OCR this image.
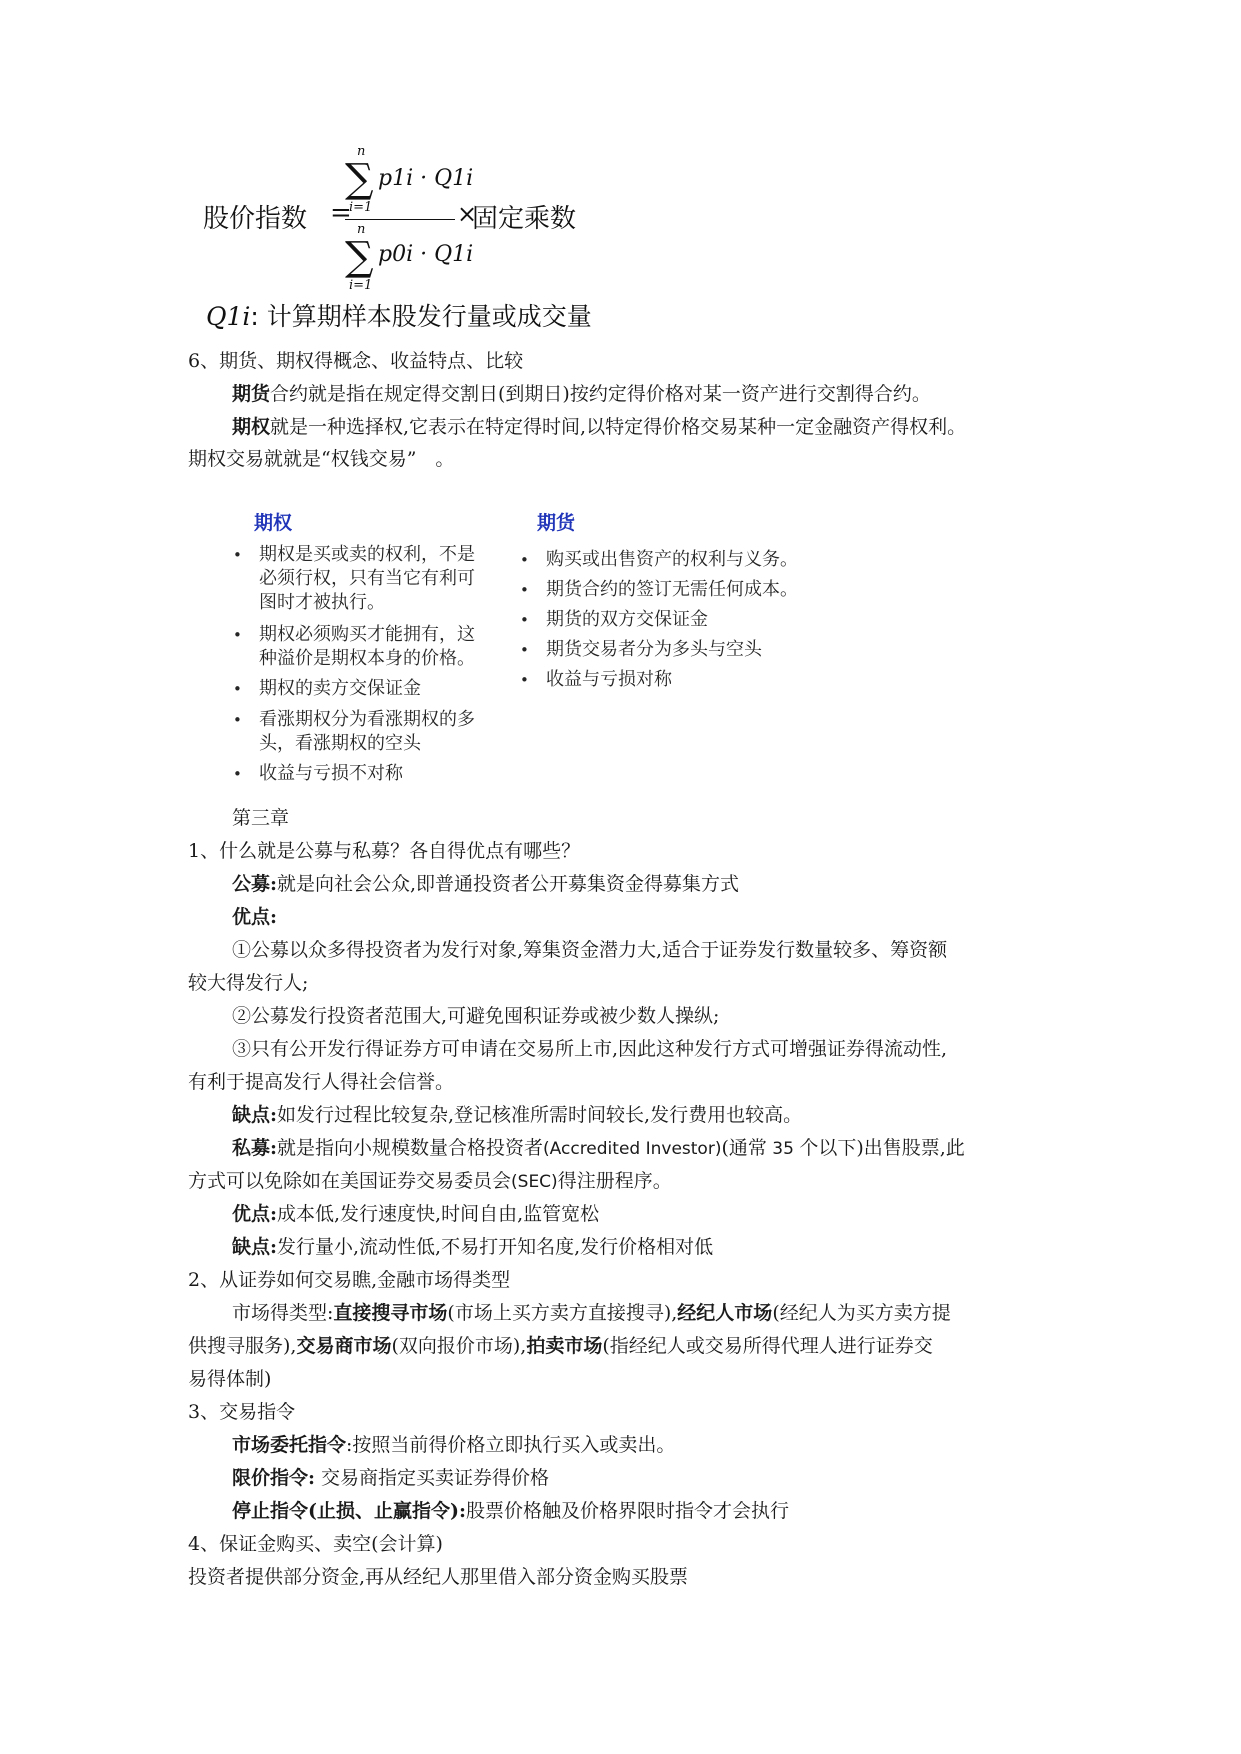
股价指数 =
n
∑ p1i · Q1i
i=1
n
∑ p0i · Q1i
i=1
×
固定乘数
Q1i: 计算期样本股发行量或成交量
6、期货、期权得概念、收益特点、比较
期货合约就是指在规定得交割日(到期日)按约定得价格对某一资产进行交割得合约。
期权就是一种选择权,它表示在特定得时间,以特定得价格交易某种一定金融资产得权利。
期权交易就就是“权钱交易”　。
期权	期货
• 期权是买或卖的权利，不是
必须行权，只有当它有利可
图时才被执行。
• 期权必须购买才能拥有，这
种溢价是期权本身的价格。
• 期权的卖方交保证金
• 看涨期权分为看涨期权的多
头，看涨期权的空头
• 收益与亏损不对称
• 购买或出售资产的权利与义务。
• 期货合约的签订无需任何成本。
• 期货的双方交保证金
• 期货交易者分为多头与空头
• 收益与亏损对称
第三章
1、什么就是公募与私募？各自得优点有哪些？
公募:就是向社会公众,即普通投资者公开募集资金得募集方式
优点:
①公募以众多得投资者为发行对象,筹集资金潜力大,适合于证券发行数量较多、筹资额
较大得发行人;
②公募发行投资者范围大,可避免囤积证券或被少数人操纵;
③只有公开发行得证券方可申请在交易所上市,因此这种发行方式可增强证券得流动性,
有利于提高发行人得社会信誉。
缺点:如发行过程比较复杂,登记核准所需时间较长,发行费用也较高。
私募:就是指向小规模数量合格投资者(Accredited Investor)(通常 35 个以下)出售股票,此
方式可以免除如在美国证券交易委员会(SEC)得注册程序。
优点:成本低,发行速度快,时间自由,监管宽松
缺点:发行量小,流动性低,不易打开知名度,发行价格相对低
2、从证券如何交易瞧,金融市场得类型
市场得类型:直接搜寻市场(市场上买方卖方直接搜寻),经纪人市场(经纪人为买方卖方提
供搜寻服务),交易商市场(双向报价市场),拍卖市场(指经纪人或交易所得代理人进行证券交
易得体制)
3、交易指令
市场委托指令:按照当前得价格立即执行买入或卖出。
限价指令: 交易商指定买卖证券得价格
停止指令(止损、止赢指令):股票价格触及价格界限时指令才会执行
4、保证金购买、卖空(会计算)
投资者提供部分资金,再从经纪人那里借入部分资金购买股票
